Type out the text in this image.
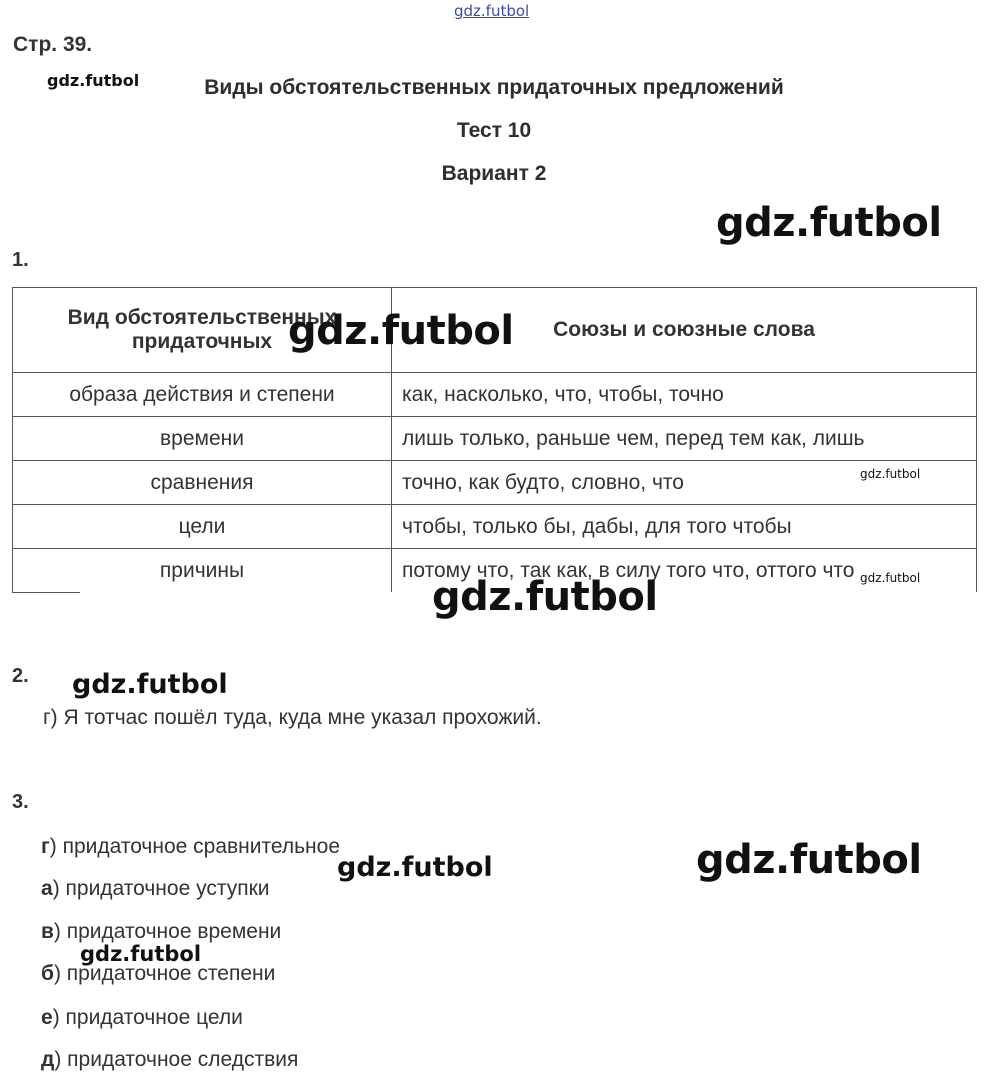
gdz.futbol
Стр. 39.
gdz.futbol	Виды обстоятельственных придаточных предложений
Тест 10
Вариант 2
gdz.futbol
1.
Вид обстоятельственных придаточных	Союзы и союзные слова
образа действия и степени	как, насколько, что, чтобы, точно
времени	лишь только, раньше чем, перед тем как, лишь
сравнения	точно, как будто, словно, что
цели	чтобы, только бы, дабы, для того чтобы
причины	потому что, так как, в силу того что, оттого что
gdz.futbol
gdz.futbol
gdz.futbol
gdz.futbol
2. gdz.futbol
г) Я тотчас пошёл туда, куда мне указал прохожий.
3.
г) придаточное сравнительное
а) придаточное уступки
в) придаточное времени
б) придаточное степени
е) придаточное цели
д) придаточное следствия
gdz.futbol	gdz.futbol
gdz.futbol
